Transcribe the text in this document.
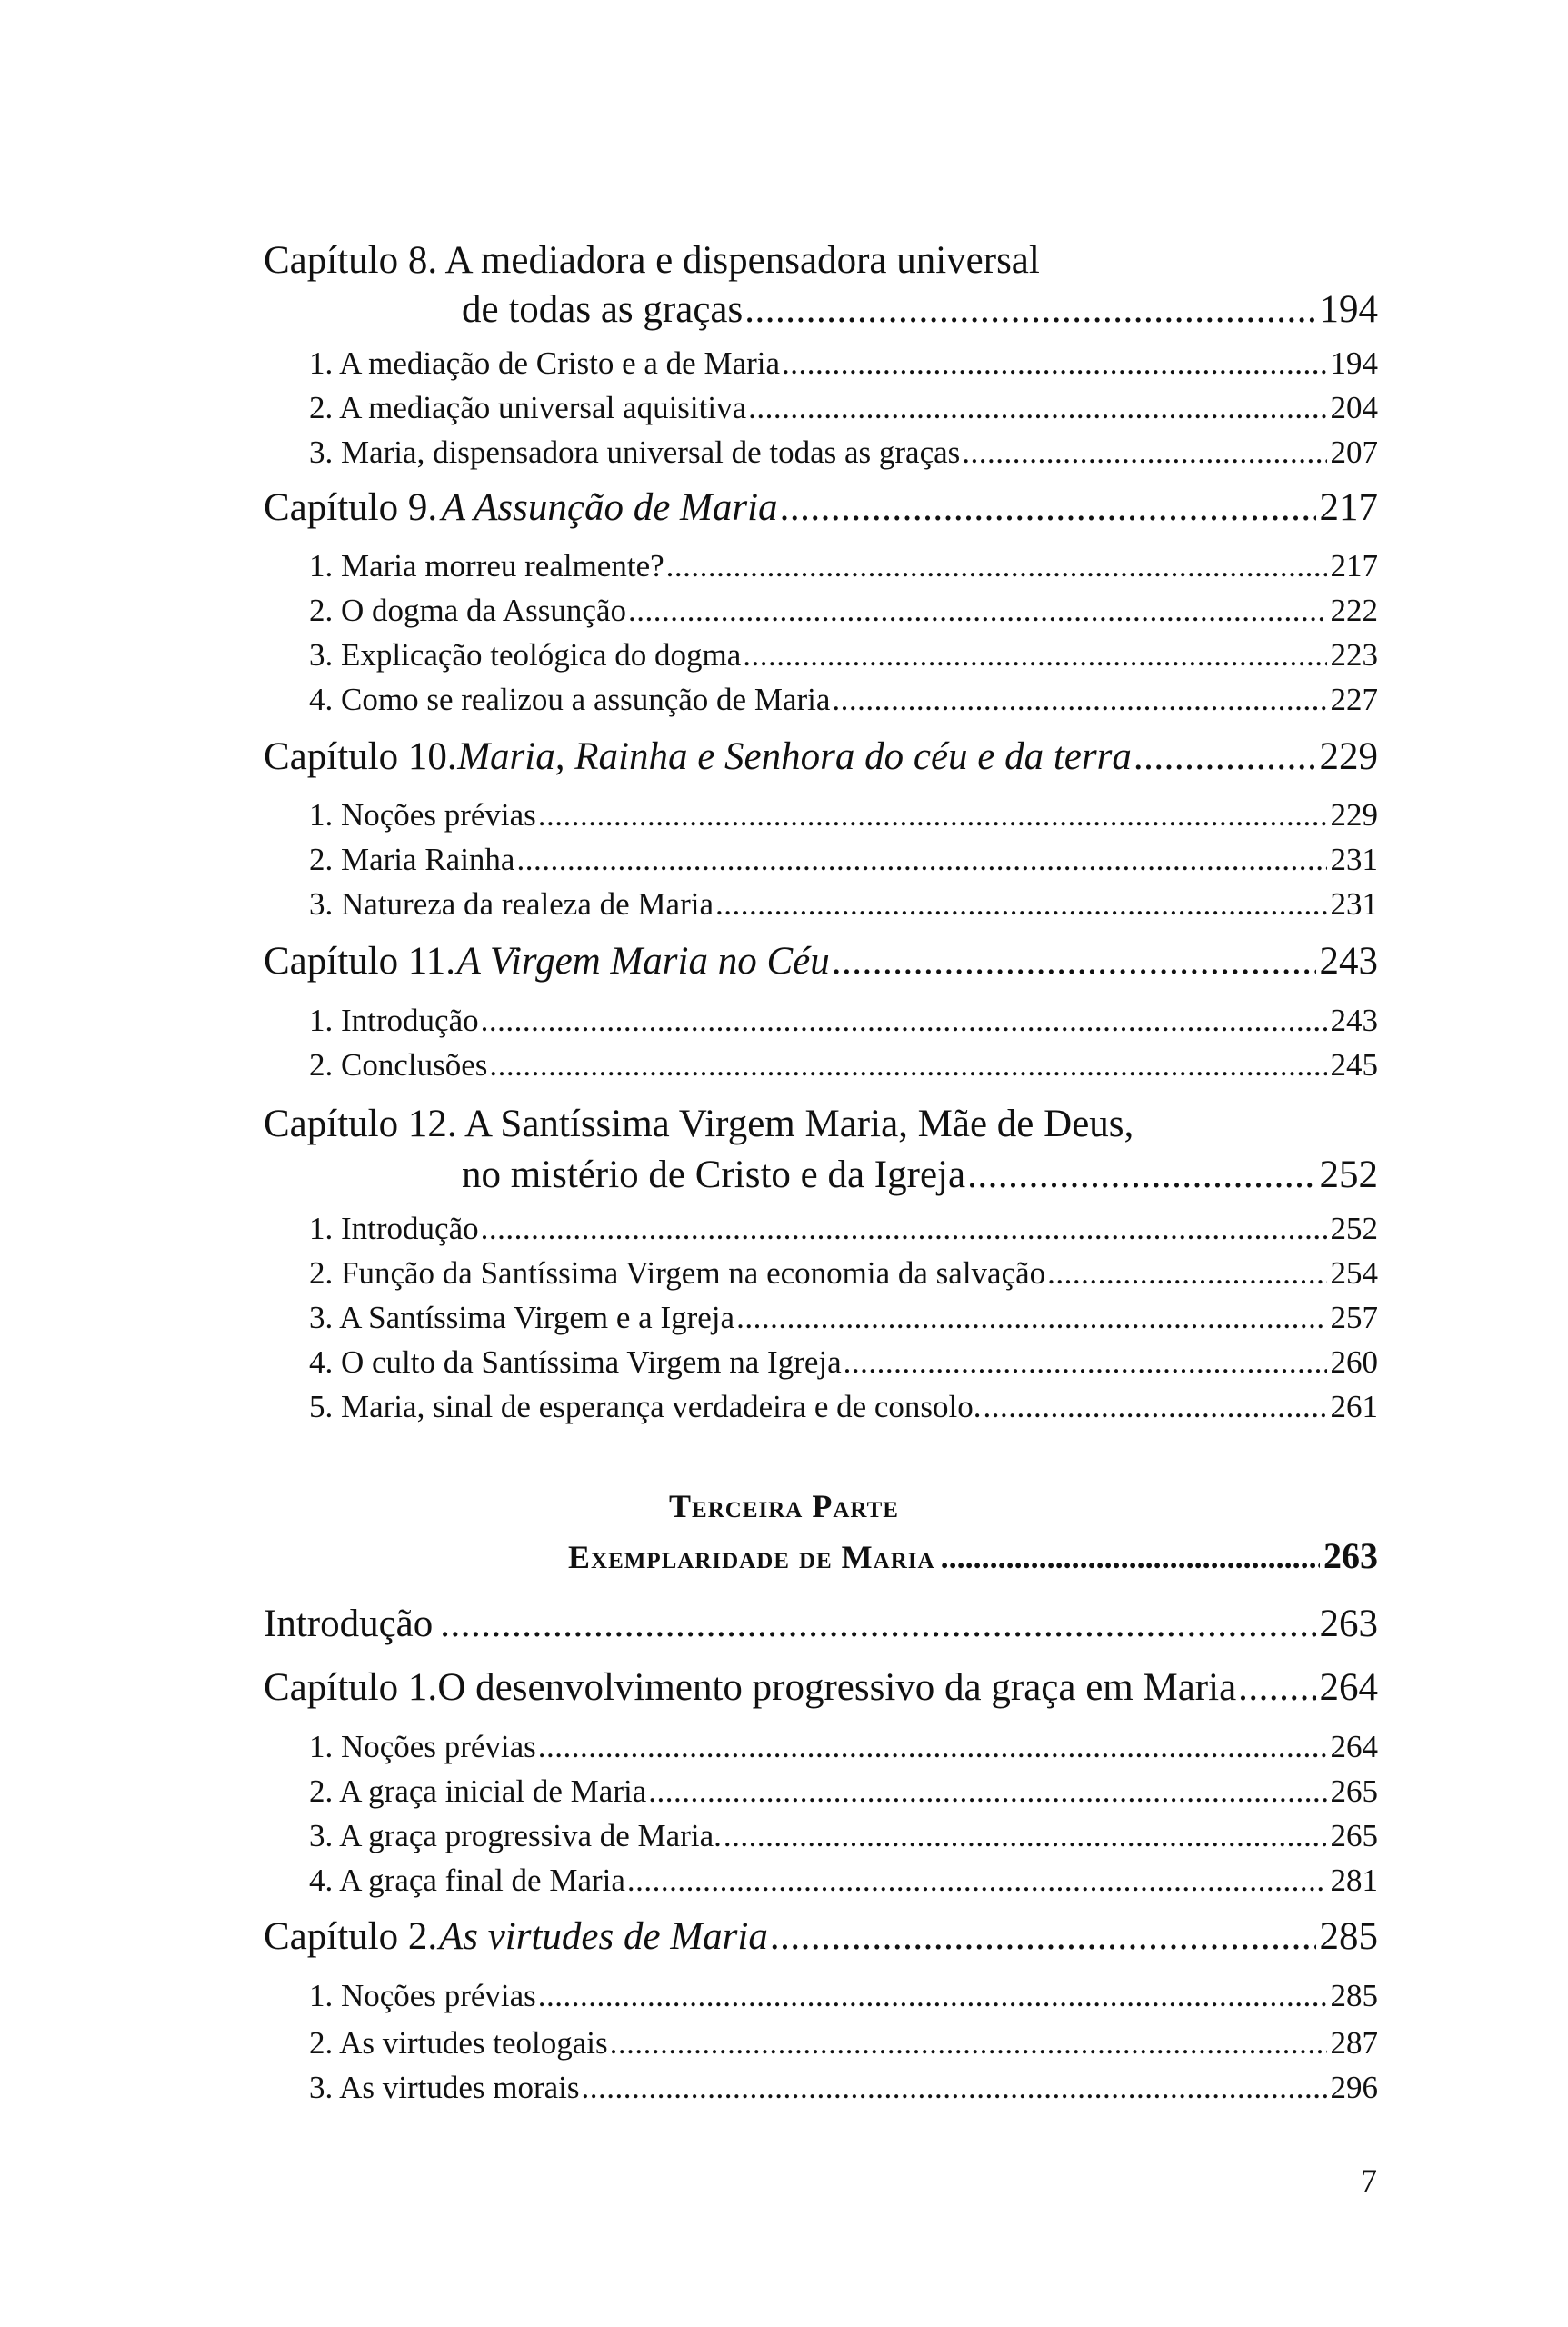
Capítulo 8. A mediadora e dispensadora universal
de todas as graças .....	194
1. A mediação de Cristo e a de Maria .....	194
2. A mediação universal aquisitiva .....	204
3. Maria, dispensadora universal de todas as graças .....	207
Capítulo 9. A Assunção de Maria .....	217
1. Maria morreu realmente? .....	217
2. O dogma da Assunção .....	222
3. Explicação teológica do dogma .....	223
4. Como se realizou a assunção de Maria .....	227
Capítulo 10. Maria, Rainha e Senhora do céu e da terra .....	229
1. Noções prévias .....	229
2. Maria Rainha .....	231
3. Natureza da realeza de Maria .....	231
Capítulo 11. A Virgem Maria no Céu .....	243
1. Introdução .....	243
2. Conclusões .....	245
Capítulo 12. A Santíssima Virgem Maria, Mãe de Deus,
no mistério de Cristo e da Igreja .....	252
1. Introdução .....	252
2. Função da Santíssima Virgem na economia da salvação .....	254
3. A Santíssima Virgem e a Igreja .....	257
4. O culto da Santíssima Virgem na Igreja .....	260
5. Maria, sinal de esperança verdadeira e de consolo. .....	261
Terceira Parte
Exemplaridade de Maria .....	263
Introdução .....	263
Capítulo 1. O desenvolvimento progressivo da graça em Maria ..... 264
1. Noções prévias .....	264
2. A graça inicial de Maria .....	265
3. A graça progressiva de Maria. .....	265
4. A graça final de Maria .....	281
Capítulo 2. As virtudes de Maria .....	285
1. Noções prévias .....	285
2. As virtudes teologais .....	287
3. As virtudes morais .....	296
7
